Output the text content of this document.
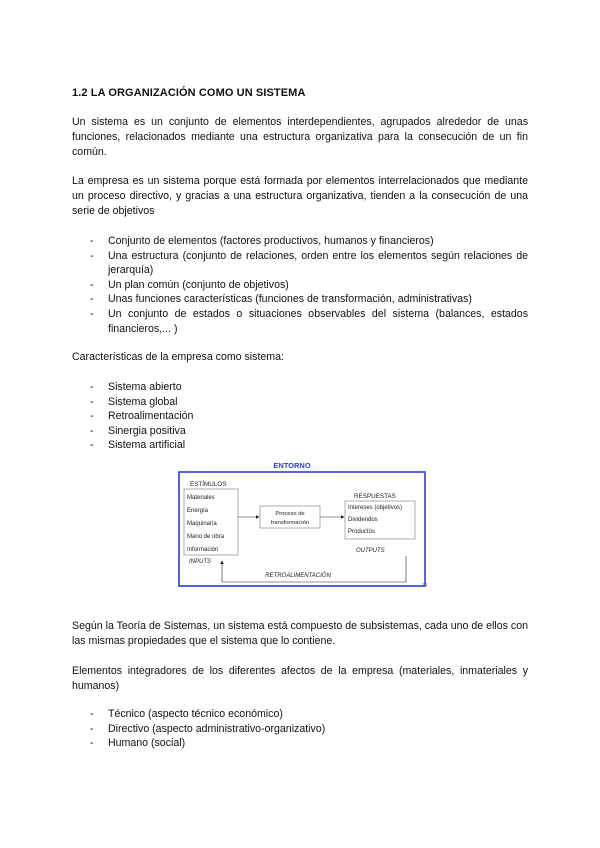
1.2 LA ORGANIZACIÓN COMO UN SISTEMA
Un sistema es un conjunto de elementos interdependientes, agrupados alrededor de unas funciones, relacionados mediante una estructura organizativa para la consecución de un fin común.
La empresa es un sistema porque está formada por elementos interrelacionados que mediante un proceso directivo, y gracias a una estructura organizativa, tienden a la consecución de una serie de objetivos
- Conjunto de elementos (factores productivos, humanos y financieros)
- Una estructura (conjunto de relaciones, orden entre los elementos según relaciones de jerarquía)
- Un plan común (conjunto de objetivos)
- Unas funciones características (funciones de transformación, administrativas)
- Un conjunto de estados o situaciones observables del sistema (balances, estados financieros,... )
Características de la empresa como sistema:
- Sistema abierto
- Sistema global
- Retroalimentación
- Sinergia positiva
- Sistema artificial
ENTORNO
ESTÍMULOS
Materiales
Energía
Maquinaria
Mano de obra
Información
Proceso de
transformación
RESPUESTAS
Intereses (objetivos)
Dividendos
Productos
INPUTS
OUTPUTS
RETROALIMENTACIÓN
14
Según la Teoría de Sistemas, un sistema está compuesto de subsistemas, cada uno de ellos con las mismas propiedades que el sistema que lo contiene.
Elementos integradores de los diferentes afectos de la empresa (materiales, inmateriales y humanos)
- Técnico (aspecto técnico económico)
- Directivo (aspecto administrativo-organizativo)
- Humano (social)
